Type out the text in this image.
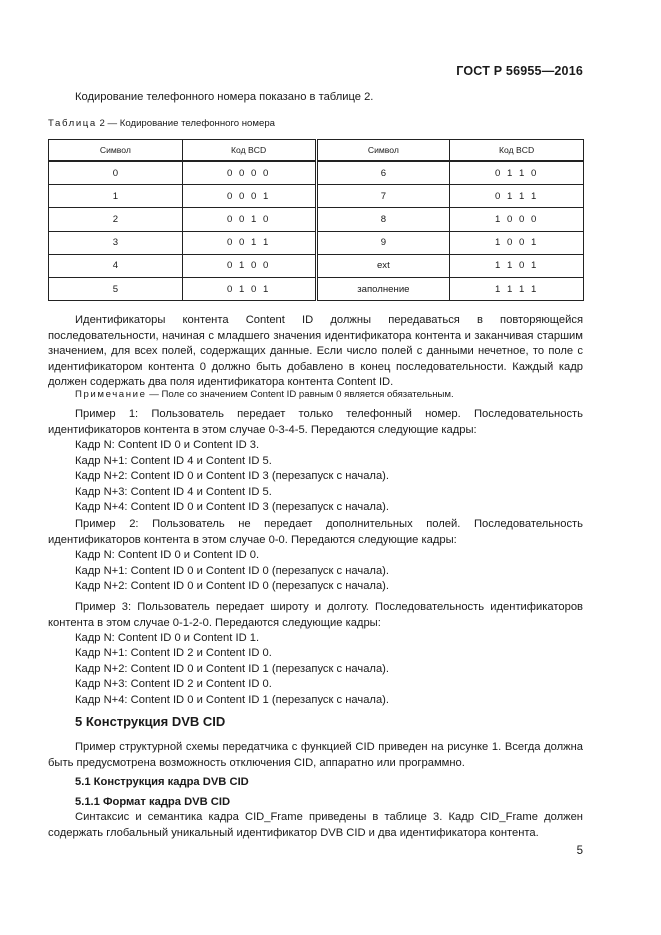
ГОСТ Р 56955—2016
Кодирование телефонного номера показано в таблице 2.
Таблица 2 — Кодирование телефонного номера
Символ	Код BCD	Символ	Код BCD
0	0 0 0 0	6	0 1 1 0
1	0 0 0 1	7	0 1 1 1
2	0 0 1 0	8	1 0 0 0
3	0 0 1 1	9	1 0 0 1
4	0 1 0 0	ext	1 1 0 1
5	0 1 0 1	заполнение	1 1 1 1
Идентификаторы контента Content ID должны передаваться в повторяющейся последовательности, начиная с младшего значения идентификатора контента и заканчивая старшим значением, для всех полей, содержащих данные. Если число полей с данными нечетное, то поле с идентификатором контента 0 должно быть добавлено в конец последовательности. Каждый кадр должен содержать два поля идентификатора контента Content ID.
Примечание — Поле со значением Content ID равным 0 является обязательным.
Пример 1: Пользователь передает только телефонный номер. Последовательность идентификаторов контента в этом случае 0-3-4-5. Передаются следующие кадры:
Кадр N: Content ID 0 и Content ID 3.
Кадр N+1: Content ID 4 и Content ID 5.
Кадр N+2: Content ID 0 и Content ID 3 (перезапуск с начала).
Кадр N+3: Content ID 4 и Content ID 5.
Кадр N+4: Content ID 0 и Content ID 3 (перезапуск с начала).
Пример 2: Пользователь не передает дополнительных полей. Последовательность идентификаторов контента в этом случае 0-0. Передаются следующие кадры:
Кадр N: Content ID 0 и Content ID 0.
Кадр N+1: Content ID 0 и Content ID 0 (перезапуск с начала).
Кадр N+2: Content ID 0 и Content ID 0 (перезапуск с начала).
Пример 3: Пользователь передает широту и долготу. Последовательность идентификаторов контента в этом случае 0-1-2-0. Передаются следующие кадры:
Кадр N: Content ID 0 и Content ID 1.
Кадр N+1: Content ID 2 и Content ID 0.
Кадр N+2: Content ID 0 и Content ID 1 (перезапуск с начала).
Кадр N+3: Content ID 2 и Content ID 0.
Кадр N+4: Content ID 0 и Content ID 1 (перезапуск с начала).
5 Конструкция DVB CID
Пример структурной схемы передатчика с функцией CID приведен на рисунке 1. Всегда должна быть предусмотрена возможность отключения CID, аппаратно или программно.
5.1 Конструкция кадра DVB CID
5.1.1 Формат кадра DVB CID
Синтаксис и семантика кадра CID_Frame приведены в таблице 3. Кадр CID_Frame должен содержать глобальный уникальный идентификатор DVB CID и два идентификатора контента.
5
